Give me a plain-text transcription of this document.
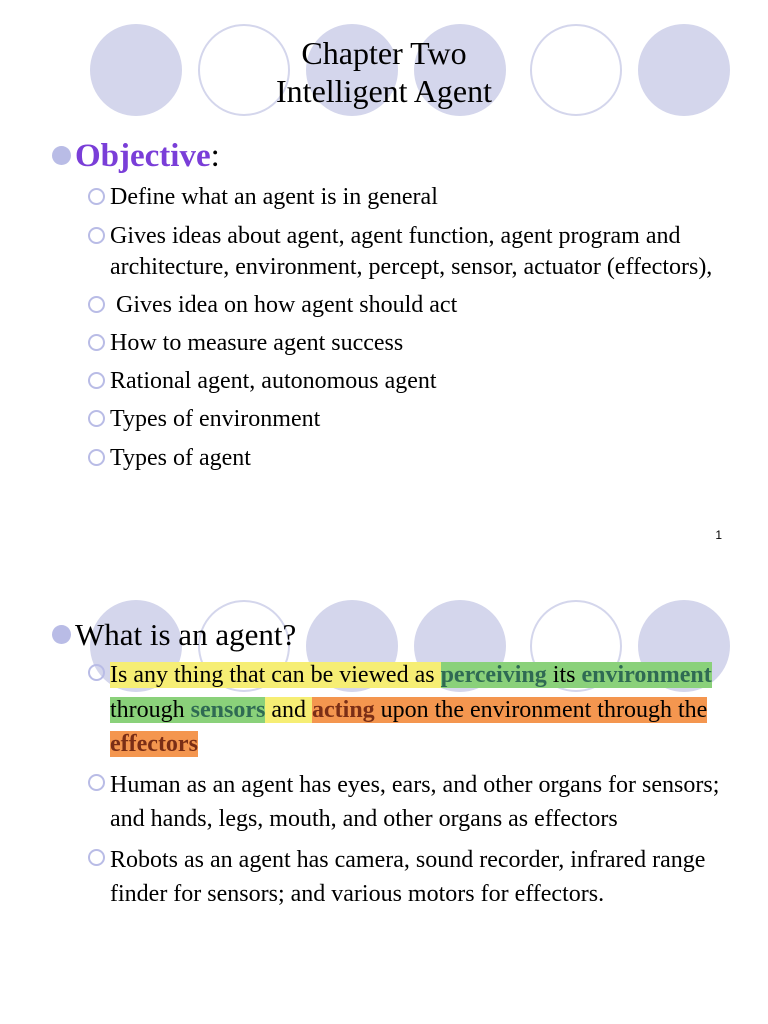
Chapter Two
Intelligent Agent
Objective:
Define what an agent is in general
Gives ideas about agent, agent function, agent program and architecture, environment, percept, sensor, actuator (effectors),
Gives idea on how agent should act
How to measure agent success
Rational agent, autonomous agent
Types of environment
Types of agent
1
What is an agent?
Is any thing that can be viewed as perceiving its environment through sensors and acting upon the environment through the effectors
Human as an agent has eyes, ears, and other organs for sensors; and hands, legs, mouth, and other organs as effectors
Robots as an agent has camera, sound recorder, infrared range finder for sensors; and various motors for effectors.
